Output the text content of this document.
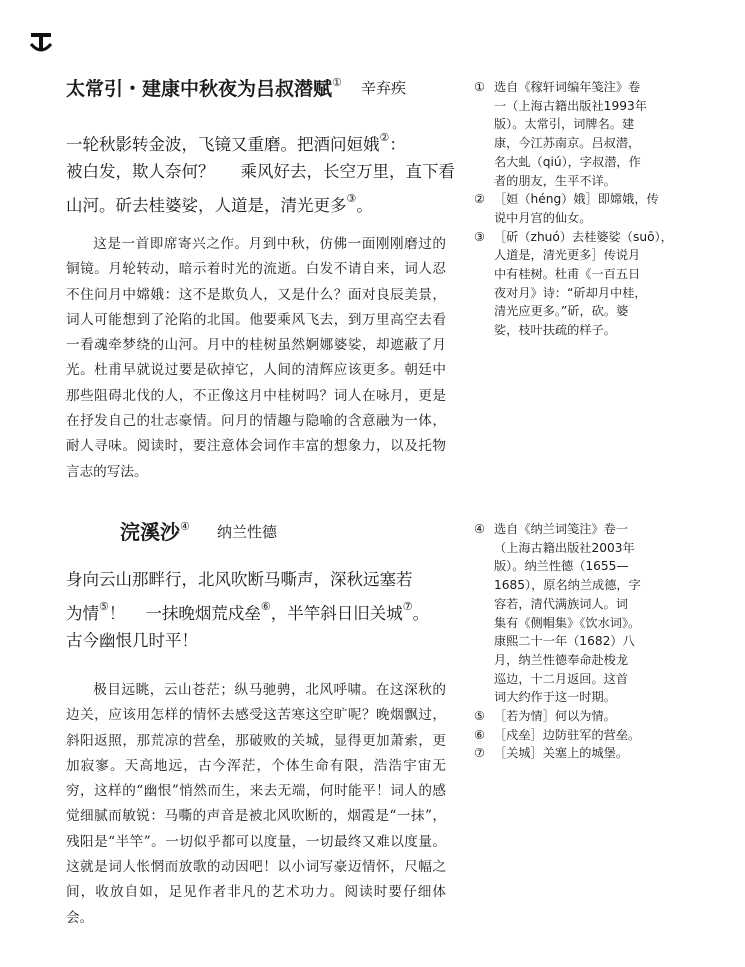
太常引・建康中秋夜为吕叔潜赋① 辛弃疾
一轮秋影转金波，飞镜又重磨。把酒问姮娥②：
被白发，欺人奈何？ 乘风好去，长空万里，直下看
山河。斫去桂婆娑，人道是，清光更多③。

这是一首即席寄兴之作。月到中秋，仿佛一面刚刚磨过的铜镜。月轮转动，暗示着时光的流逝。白发不请自来，词人忍不住问月中嫦娥：这不是欺负人，又是什么？面对良辰美景，词人可能想到了沦陷的北国。他要乘风飞去，到万里高空去看一看魂牵梦绕的山河。月中的桂树虽然婀娜婆娑，却遮蔽了月光。杜甫早就说过要是砍掉它，人间的清辉应该更多。朝廷中那些阻碍北伐的人，不正像这月中桂树吗？词人在咏月，更是在抒发自己的壮志豪情。问月的情趣与隐喻的含意融为一体，耐人寻味。阅读时，要注意体会词作丰富的想象力，以及托物言志的写法。

① 选自《稼轩词编年笺注》卷
一（上海古籍出版社1993年
版）。太常引，词牌名。建
康，今江苏南京。吕叔潜，
名大虬（qiú），字叔潜，作
者的朋友，生平不详。
② ［姮（héng）娥］即嫦娥，传
说中月宫的仙女。
③ ［斫（zhuó）去桂婆娑（suō），
人道是，清光更多］传说月
中有桂树。杜甫《一百五日
夜对月》诗：“斫却月中桂，
清光应更多。”斫，砍。婆
娑，枝叶扶疏的样子。
浣溪沙④ 纳兰性德
身向云山那畔行，北风吹断马嘶声，深秋远塞若
为情⑤！ 一抹晚烟荒戍垒⑥，半竿斜日旧关城⑦。
古今幽恨几时平！

极目远眺，云山苍茫；纵马驰骋，北风呼啸。在这深秋的边关，应该用怎样的情怀去感受这苦寒这空旷呢？晚烟飘过，斜阳返照，那荒凉的营垒，那破败的关城，显得更加萧索，更加寂寥。天高地远，古今浑茫，个体生命有限，浩浩宇宙无穷，这样的“幽恨”悄然而生，来去无端，何时能平！词人的感觉细腻而敏锐：马嘶的声音是被北风吹断的，烟霞是“一抹”，残阳是“半竿”。一切似乎都可以度量，一切最终又难以度量。这就是词人怅惘而放歌的动因吧！以小词写豪迈情怀，尺幅之间，收放自如，足见作者非凡的艺术功力。阅读时要仔细体会。

④ 选自《纳兰词笺注》卷一
（上海古籍出版社2003年
版）。纳兰性德（1655—
1685），原名纳兰成德，字
容若，清代满族词人。词
集有《侧帽集》《饮水词》。
康熙二十一年（1682）八
月，纳兰性德奉命赴梭龙
巡边，十二月返回。这首
词大约作于这一时期。
⑤ ［若为情］何以为情。
⑥ ［戍垒］边防驻军的营垒。
⑦ ［关城］关塞上的城堡。
